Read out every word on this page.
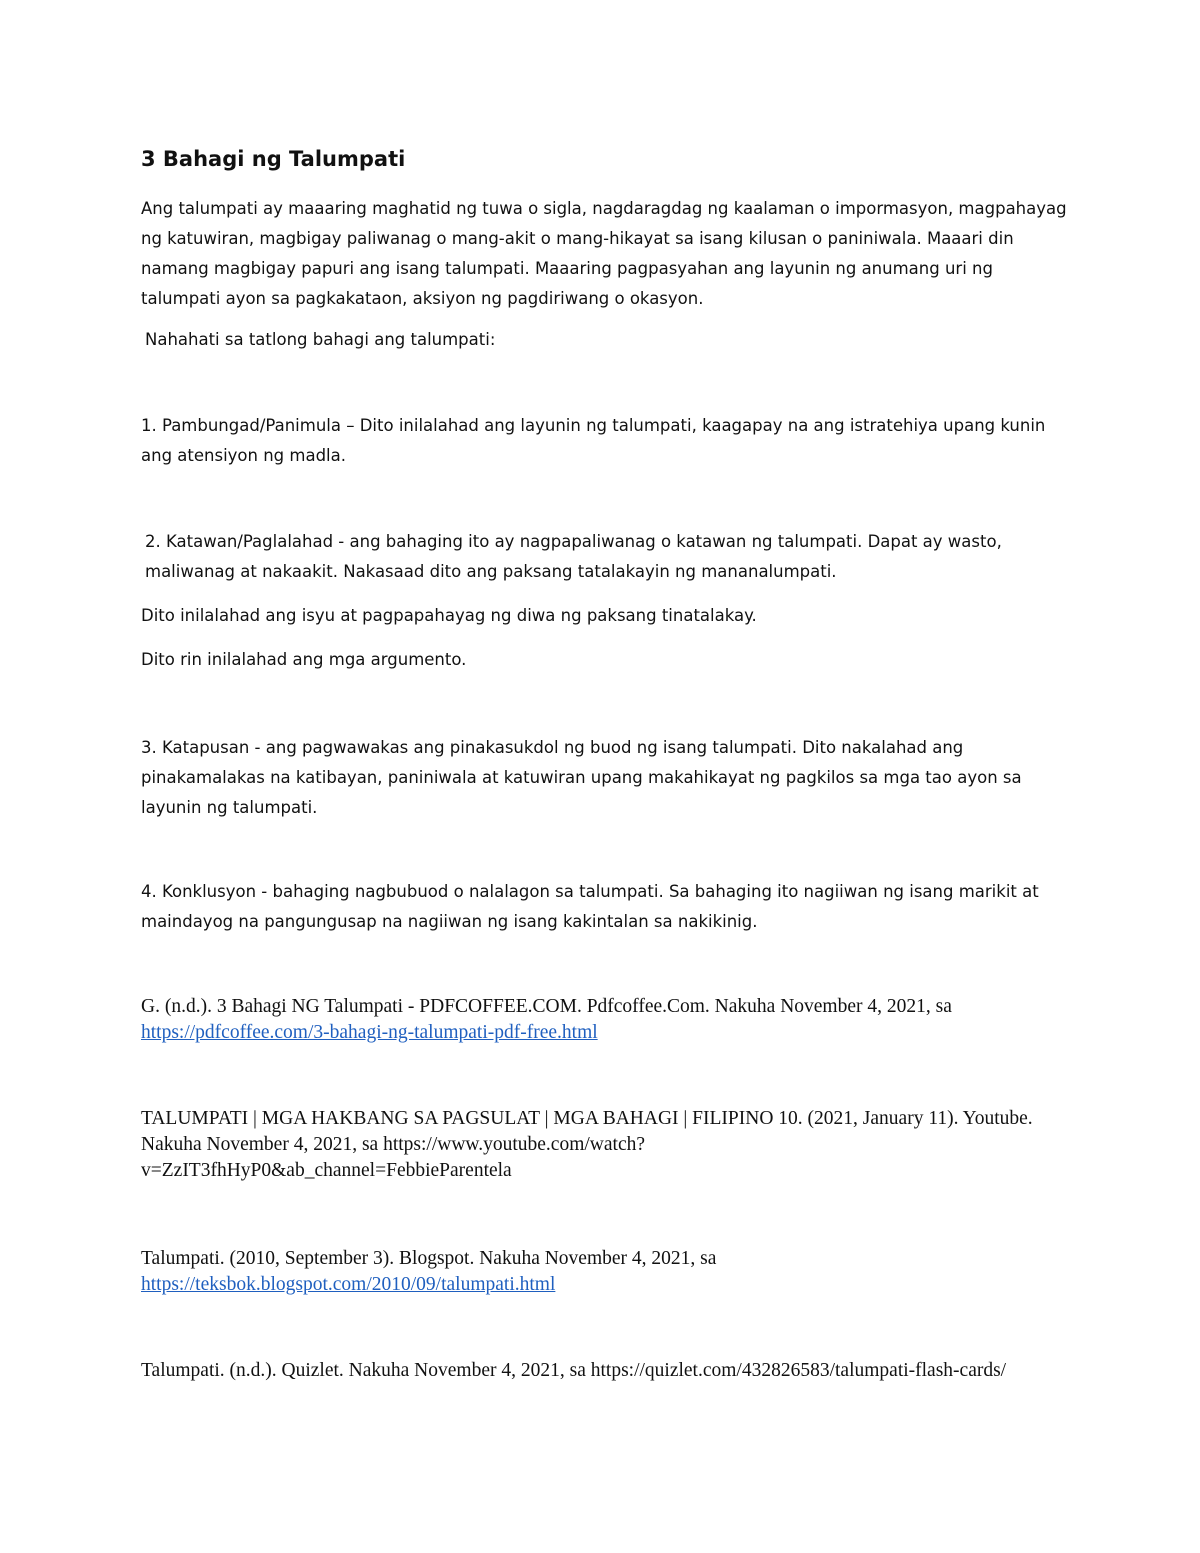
3 Bahagi ng Talumpati
Ang talumpati ay maaaring maghatid ng tuwa o sigla, nagdaragdag ng kaalaman o impormasyon, magpahayag ng katuwiran, magbigay paliwanag o mang-akit o mang-hikayat sa isang kilusan o paniniwala. Maaari din namang magbigay papuri ang isang talumpati. Maaaring pagpasyahan ang layunin ng anumang uri ng talumpati ayon sa pagkakataon, aksiyon ng pagdiriwang o okasyon.
Nahahati sa tatlong bahagi ang talumpati:
1. Pambungad/Panimula – Dito inilalahad ang layunin ng talumpati, kaagapay na ang istratehiya upang kunin ang atensiyon ng madla.
2. Katawan/Paglalahad - ang bahaging ito ay nagpapaliwanag o katawan ng talumpati. Dapat ay wasto, maliwanag at nakaakit. Nakasaad dito ang paksang tatalakayin ng mananalumpati.
Dito inilalahad ang isyu at pagpapahayag ng diwa ng paksang tinatalakay.
Dito rin inilalahad ang mga argumento.
3. Katapusan - ang pagwawakas ang pinakasukdol ng buod ng isang talumpati. Dito nakalahad ang pinakamalakas na katibayan, paniniwala at katuwiran upang makahikayat ng pagkilos sa mga tao ayon sa layunin ng talumpati.
4. Konklusyon - bahaging nagbubuod o nalalagon sa talumpati. Sa bahaging ito nagiiwan ng isang marikit at maindayog na pangungusap na nagiiwan ng isang kakintalan sa nakikinig.
G. (n.d.). 3 Bahagi NG Talumpati - PDFCOFFEE.COM. Pdfcoffee.Com. Nakuha November 4, 2021, sa
https://pdfcoffee.com/3-bahagi-ng-talumpati-pdf-free.html
TALUMPATI | MGA HAKBANG SA PAGSULAT | MGA BAHAGI | FILIPINO 10. (2021, January 11). Youtube. Nakuha November 4, 2021, sa https://www.youtube.com/watch?
v=ZzIT3fhHyP0&ab_channel=FebbieParentela
Talumpati. (2010, September 3). Blogspot. Nakuha November 4, 2021, sa
https://teksbok.blogspot.com/2010/09/talumpati.html
Talumpati. (n.d.). Quizlet. Nakuha November 4, 2021, sa https://quizlet.com/432826583/talumpati-flash-cards/
